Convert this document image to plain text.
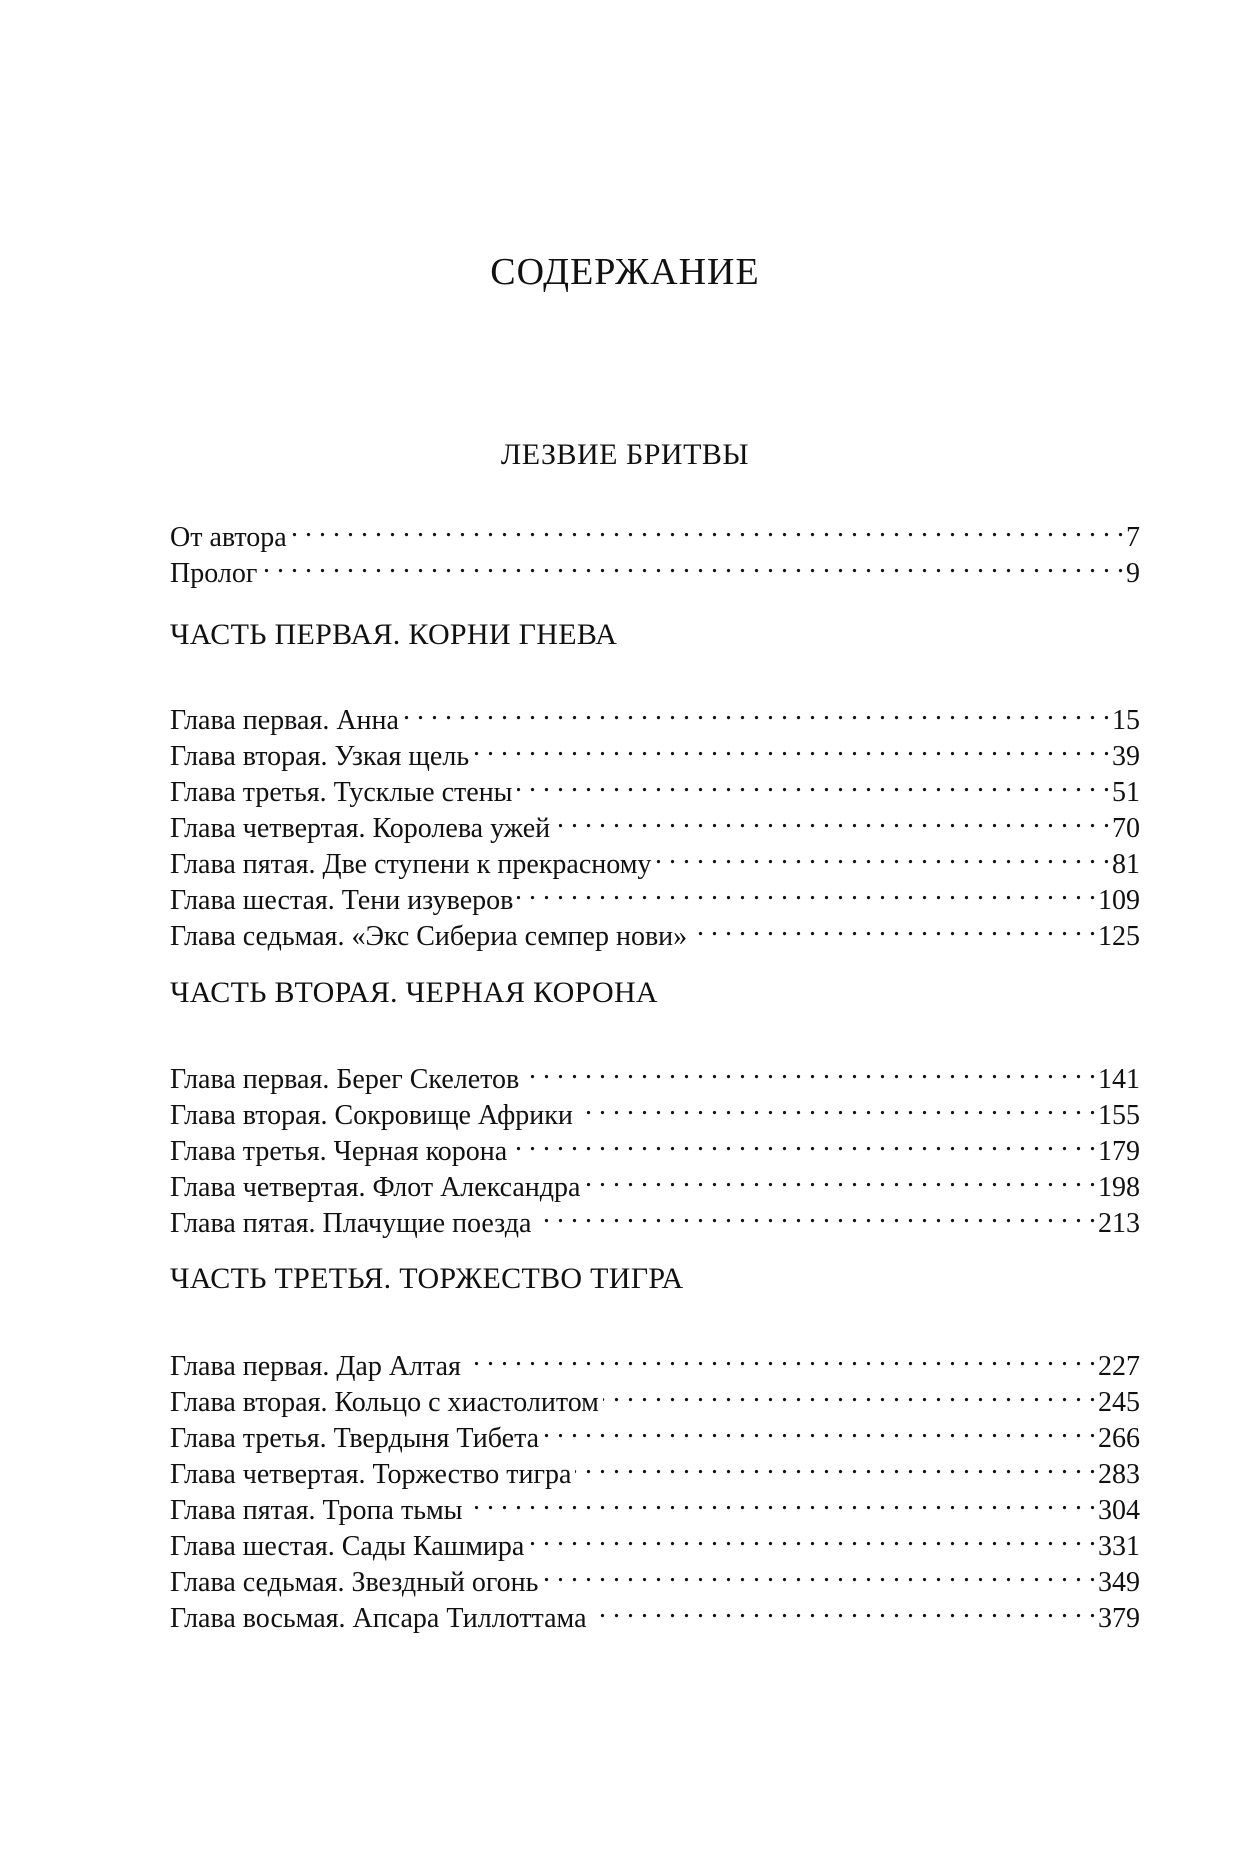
СОДЕРЖАНИЕ
ЛЕЗВИЕ БРИТВЫ
От автора . . .	7
Пролог . . .	9
ЧАСТЬ ПЕРВАЯ. КОРНИ ГНЕВА
Глава первая. Анна . . .	15
Глава вторая. Узкая щель . . .	39
Глава третья. Тусклые стены . . .	51
Глава четвертая. Королева ужей . . .	70
Глава пятая. Две ступени к прекрасному . . .	81
Глава шестая. Тени изуверов . . .	109
Глава седьмая. «Экс Сибериа семпер нови» . . .	125
ЧАСТЬ ВТОРАЯ. ЧЕРНАЯ КОРОНА
Глава первая. Берег Скелетов . . .	141
Глава вторая. Сокровище Африки . . .	155
Глава третья. Черная корона . . .	179
Глава четвертая. Флот Александра . . .	198
Глава пятая. Плачущие поезда . . .	213
ЧАСТЬ ТРЕТЬЯ. ТОРЖЕСТВО ТИГРА
Глава первая. Дар Алтая . . .	227
Глава вторая. Кольцо с хиастолитом . . .	245
Глава третья. Твердыня Тибета . . .	266
Глава четвертая. Торжество тигра . . .	283
Глава пятая. Тропа тьмы . . .	304
Глава шестая. Сады Кашмира . . .	331
Глава седьмая. Звездный огонь . . .	349
Глава восьмая. Апсара Тиллоттама . . .	379
